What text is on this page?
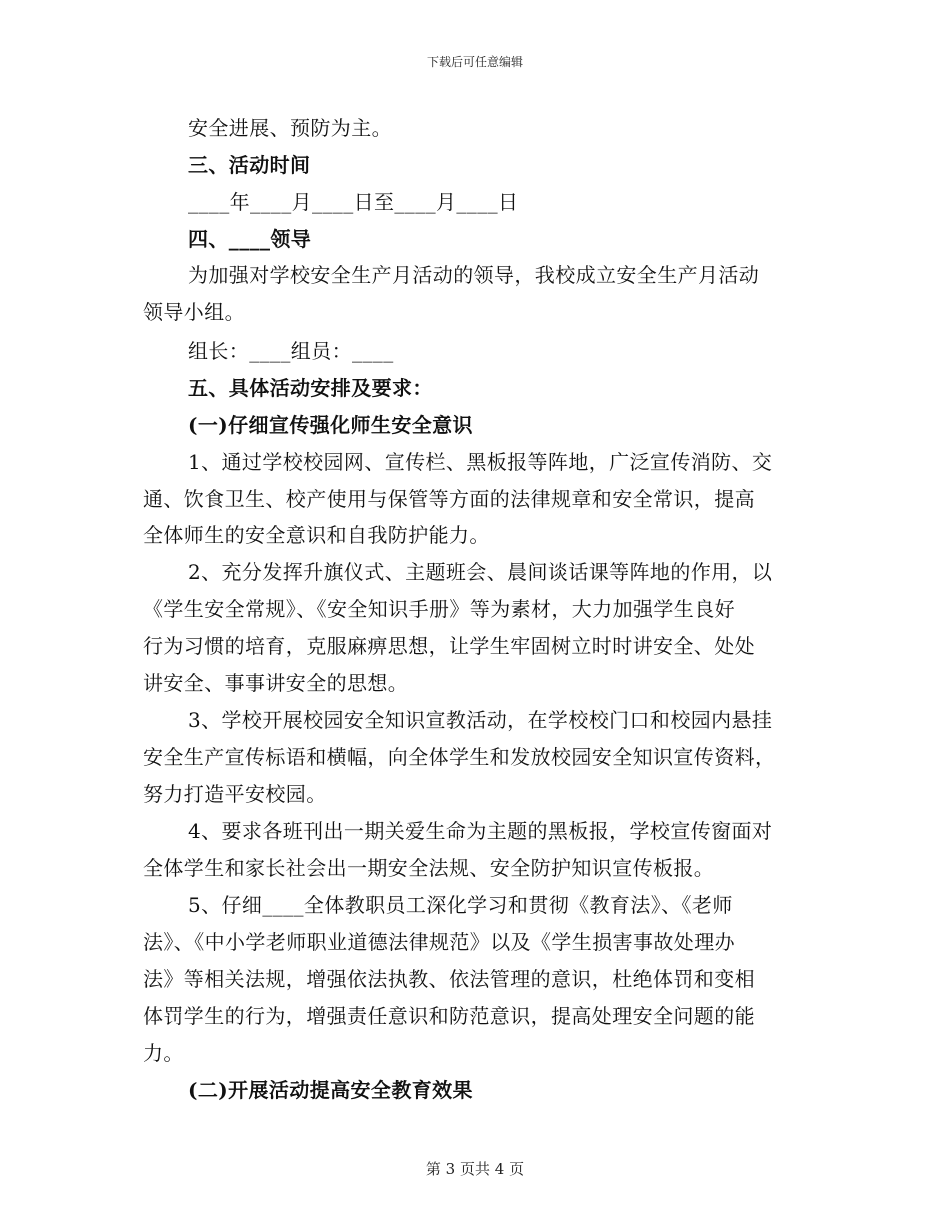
下载后可任意编辑
安全进展、预防为主。
三、活动时间
____年____月____日至____月____日
四、____领导
为加强对学校安全生产月活动的领导，我校成立安全生产月活动
领导小组。
组长：____组员：____
五、具体活动安排及要求：
(一)仔细宣传强化师生安全意识
1、通过学校校园网、宣传栏、黑板报等阵地，广泛宣传消防、交
通、饮食卫生、校产使用与保管等方面的法律规章和安全常识，提高
全体师生的安全意识和自我防护能力。
2、充分发挥升旗仪式、主题班会、晨间谈话课等阵地的作用，以
《学生安全常规》、《安全知识手册》等为素材，大力加强学生良好
行为习惯的培育，克服麻痹思想，让学生牢固树立时时讲安全、处处
讲安全、事事讲安全的思想。
3、学校开展校园安全知识宣教活动，在学校校门口和校园内悬挂
安全生产宣传标语和横幅，向全体学生和发放校园安全知识宣传资料，
努力打造平安校园。
4、要求各班刊出一期关爱生命为主题的黑板报，学校宣传窗面对
全体学生和家长社会出一期安全法规、安全防护知识宣传板报。
5、仔细____全体教职员工深化学习和贯彻《教育法》、《老师
法》、《中小学老师职业道德法律规范》以及《学生损害事故处理办
法》等相关法规，增强依法执教、依法管理的意识，杜绝体罚和变相
体罚学生的行为，增强责任意识和防范意识，提高处理安全问题的能
力。
(二)开展活动提高安全教育效果
第 3 页共 4 页
